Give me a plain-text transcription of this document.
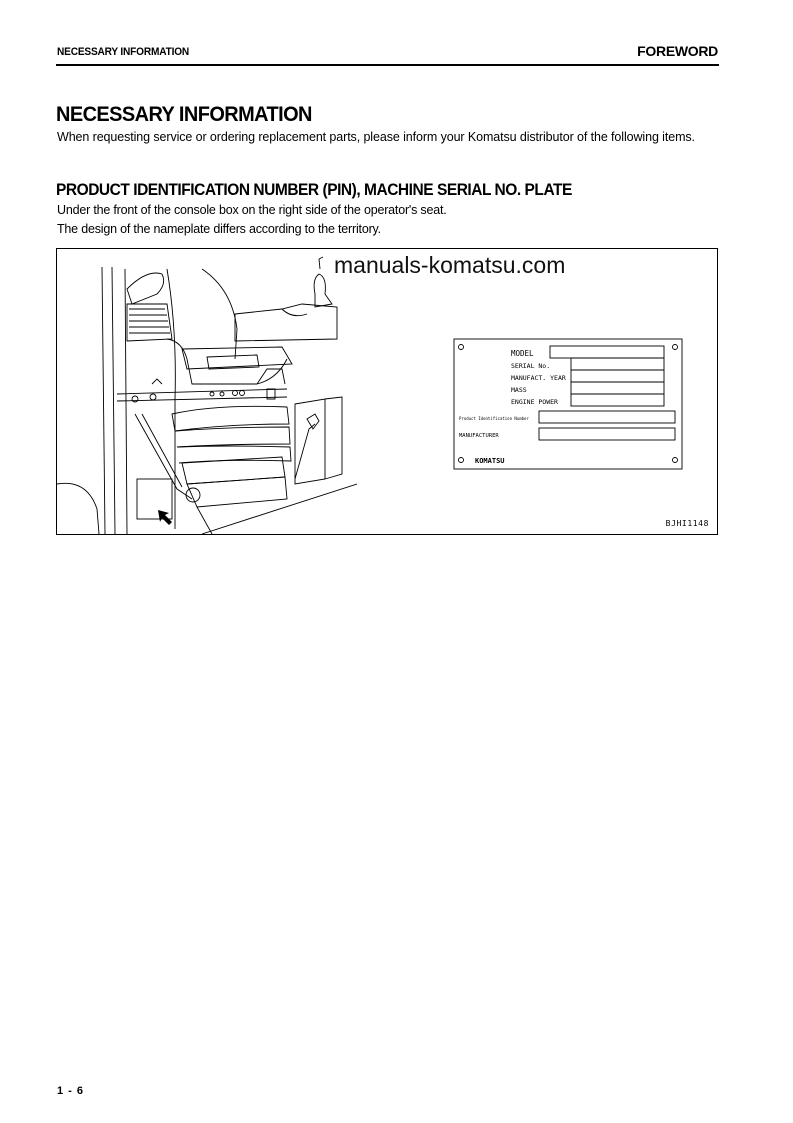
NECESSARY INFORMATION	FOREWORD
NECESSARY INFORMATION
When requesting service or ordering replacement parts, please inform your Komatsu distributor of the following items.
PRODUCT IDENTIFICATION NUMBER (PIN), MACHINE SERIAL NO. PLATE
Under the front of the console box on the right side of the operator's seat.
The design of the nameplate differs according to the territory.
MODEL
SERIAL No.
MANUFACT. YEAR
MASS
ENGINE POWER
Product Identification Number
MANUFACTURER
KOMATSU
BJHI1148
manuals-komatsu.com
1 - 6
